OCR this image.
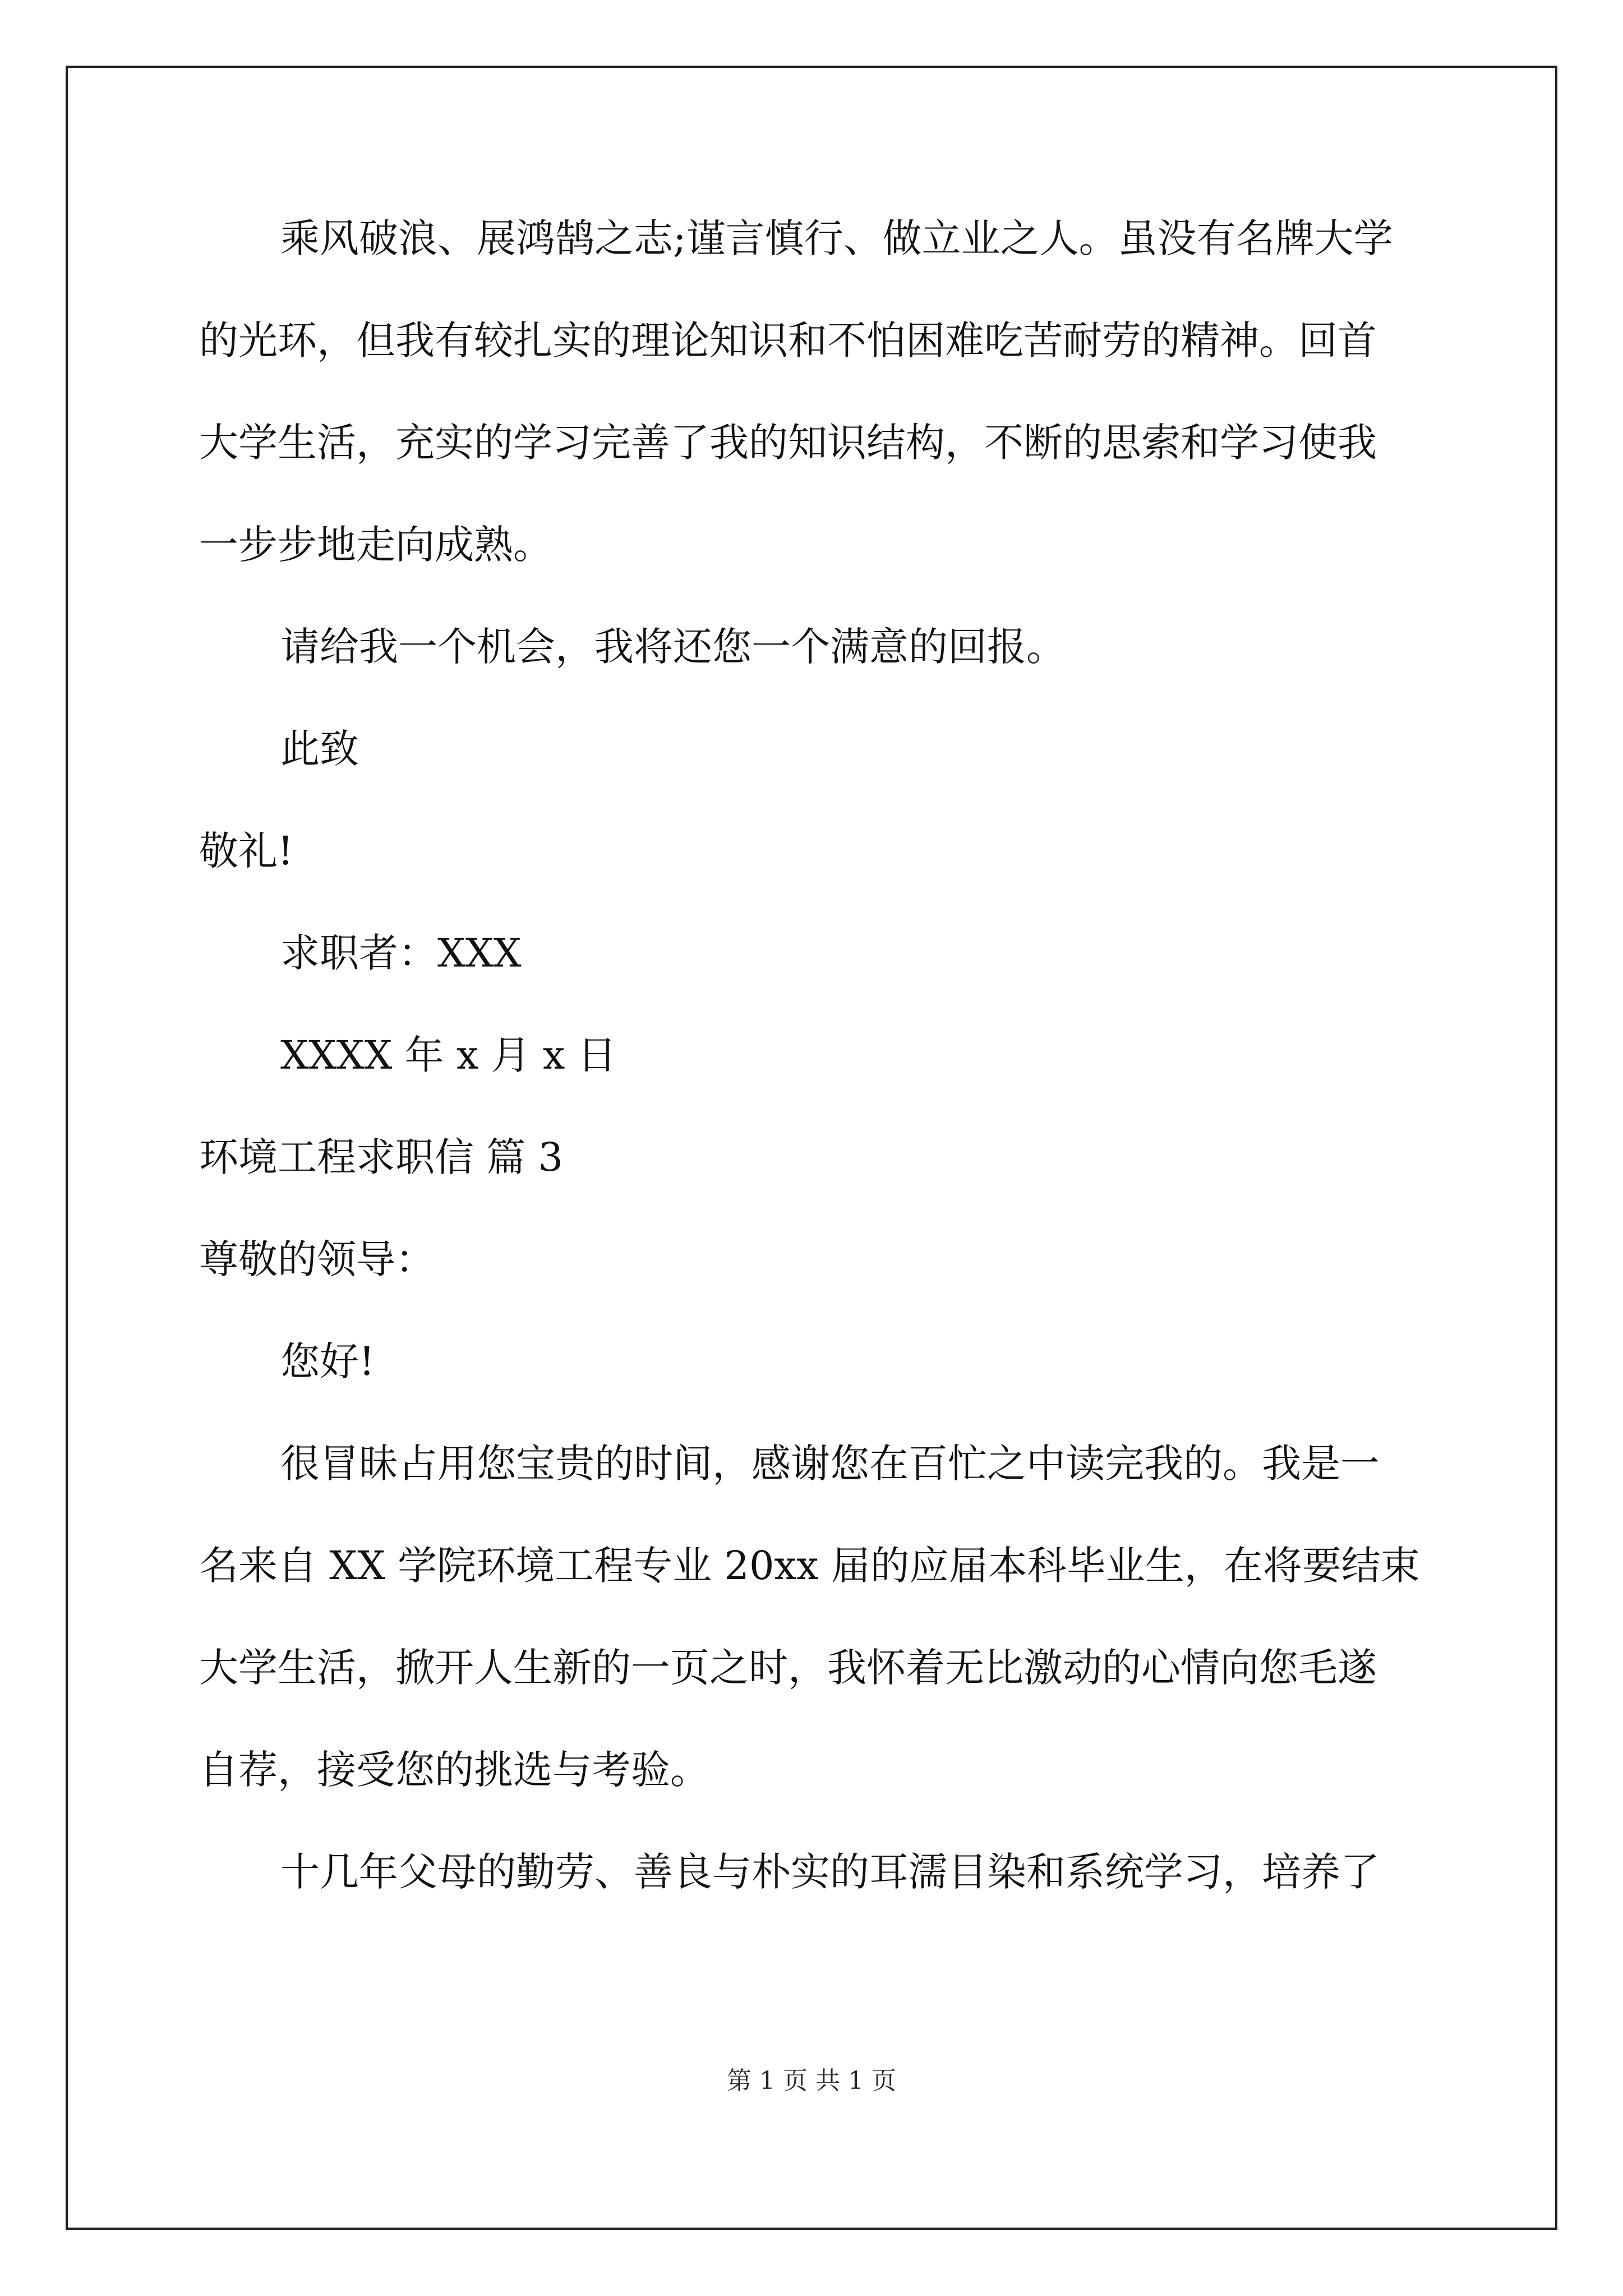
乘风破浪、展鸿鹄之志;谨言慎行、做立业之人。虽没有名牌大学
的光环，但我有较扎实的理论知识和不怕困难吃苦耐劳的精神。回首
大学生活，充实的学习完善了我的知识结构，不断的思索和学习使我
一步步地走向成熟。
请给我一个机会，我将还您一个满意的回报。
此致
敬礼!
求职者：XXX
XXXX 年 x 月 x 日
环境工程求职信 篇 3
尊敬的领导：
您好!
很冒昧占用您宝贵的时间，感谢您在百忙之中读完我的。我是一
名来自 XX 学院环境工程专业 20xx 届的应届本科毕业生，在将要结束
大学生活，掀开人生新的一页之时，我怀着无比激动的心情向您毛遂
自荐，接受您的挑选与考验。
十几年父母的勤劳、善良与朴实的耳濡目染和系统学习，培养了
第 1 页 共 1 页
